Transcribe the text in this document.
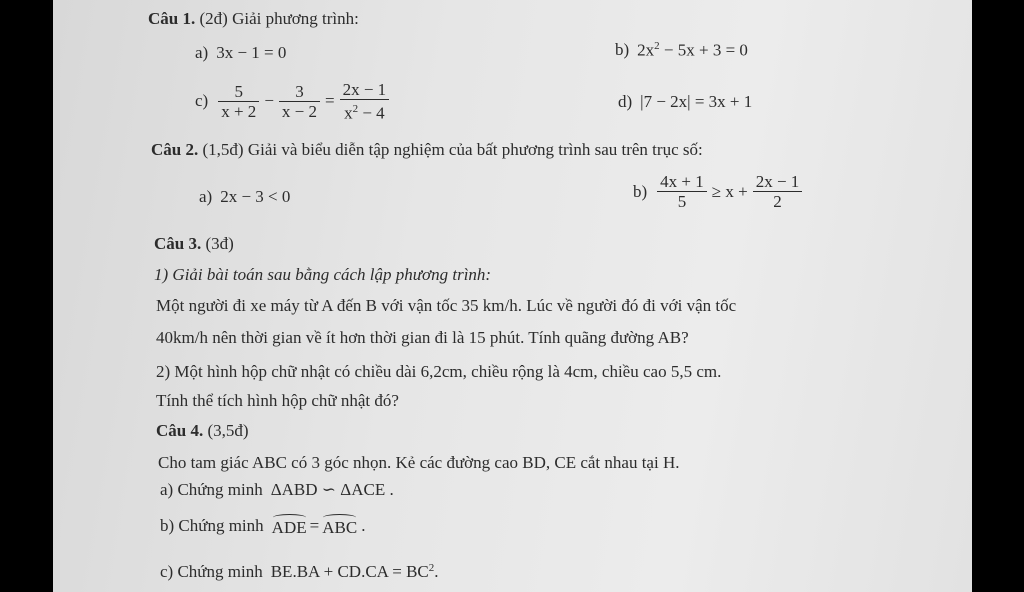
Câu 1. (2đ) Giải phương trình:
a) 3x − 1 = 0	b) $2x^2 - 5x + 3 = 0$
$c) \frac{5}{x + 2} - \frac{3}{x - 2} = \frac{2x - 1}{x^2 - 4}$	d) |7 − 2x| = 3x + 1
Câu 2. (1,5đ) Giải và biểu diễn tập nghiệm của bất phương trình sau trên trục số:
a) 2x − 3 < 0	$b) \frac{4x + 1}{5} \ge x + \frac{2x - 1}{2}$
Câu 3. (3đ)
1) Giải bài toán sau bằng cách lập phương trình:
Một người đi xe máy từ A đến B với vận tốc 35 km/h. Lúc về người đó đi với vận tốc
40km/h nên thời gian về ít hơn thời gian đi là 15 phút. Tính quãng đường AB?
2) Một hình hộp chữ nhật có chiều dài 6,2cm, chiều rộng là 4cm, chiều cao 5,5 cm.
Tính thể tích hình hộp chữ nhật đó?
Câu 4. (3,5đ)
Cho tam giác ABC có 3 góc nhọn. Kẻ các đường cao BD, CE cắt nhau tại H.
a) Chứng minh ΔABD ∽ ΔACE .
b) Chứng minh ADE = ABC .
c) Chứng minh $BE.BA + CD.CA = BC^2$ .
